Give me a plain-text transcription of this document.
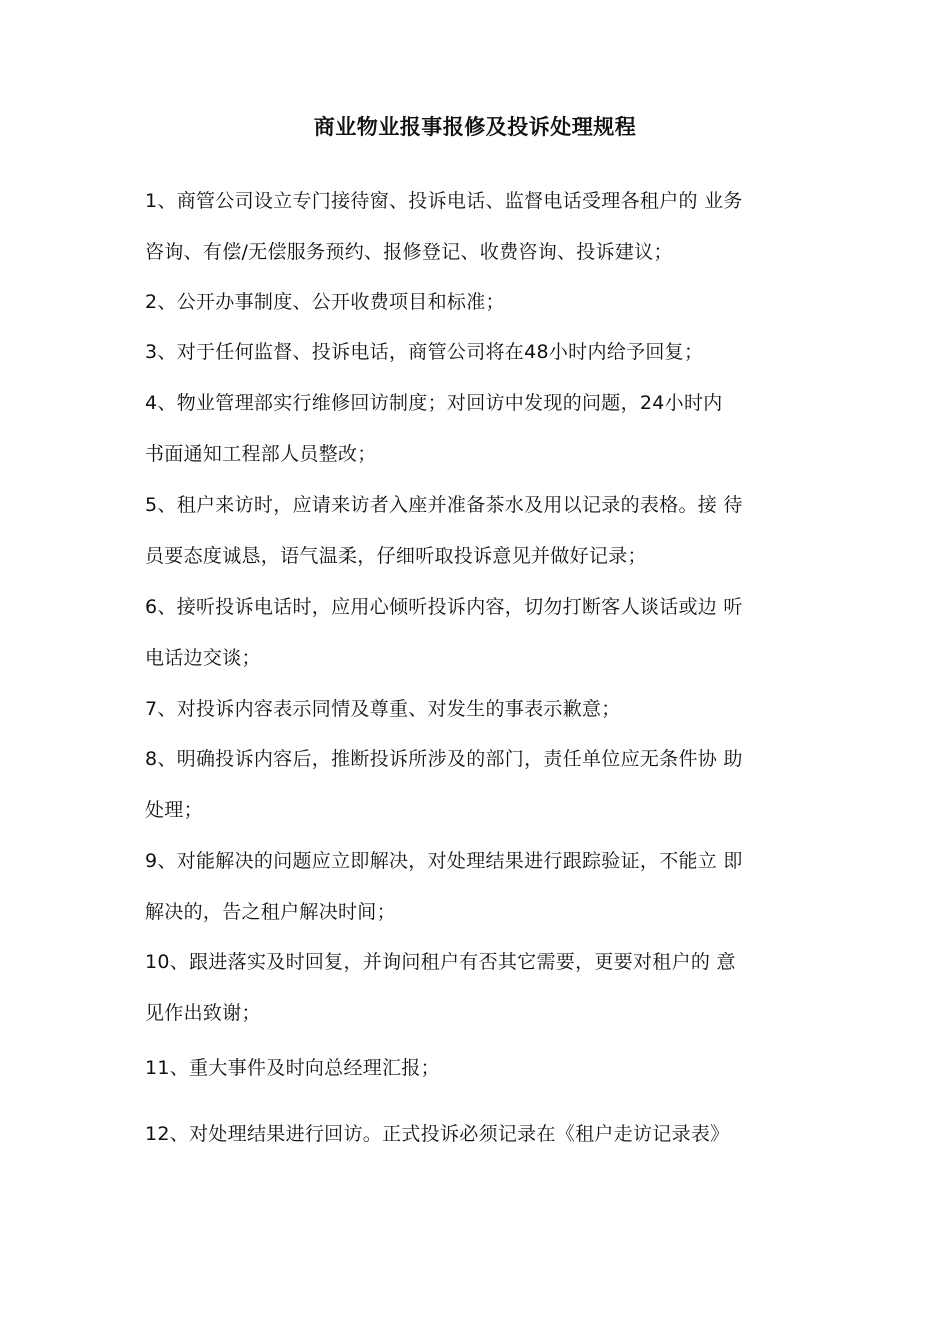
商业物业报事报修及投诉处理规程
1、商管公司设立专门接待窗、投诉电话、监督电话受理各租户的 业务
咨询、有偿/无偿服务预约、报修登记、收费咨询、投诉建议；
2、公开办事制度、公开收费项目和标准；
3、对于任何监督、投诉电话，商管公司将在48小时内给予回复；
4、物业管理部实行维修回访制度；对回访中发现的问题，24小时内
书面通知工程部人员整改；
5、租户来访时，应请来访者入座并准备茶水及用以记录的表格。接 待
员要态度诚恳，语气温柔，仔细听取投诉意见并做好记录；
6、接听投诉电话时，应用心倾听投诉内容，切勿打断客人谈话或边 听
电话边交谈；
7、对投诉内容表示同情及尊重、对发生的事表示歉意；
8、明确投诉内容后，推断投诉所涉及的部门，责任单位应无条件协 助
处理；
9、对能解决的问题应立即解决，对处理结果进行跟踪验证，不能立 即
解决的，告之租户解决时间；
10、跟进落实及时回复，并询问租户有否其它需要，更要对租户的 意
见作出致谢；
11、重大事件及时向总经理汇报；
12、对处理结果进行回访。正式投诉必须记录在《租户走访记录表》
